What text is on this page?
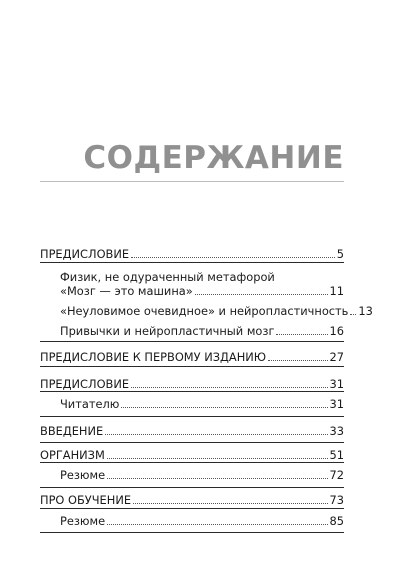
СОДЕРЖАНИЕ
ПРЕДИСЛОВИЕ	5
Физик, не одураченный метафорой
«Мозг — это машина»	11
«Неуловимое очевидное» и нейропластичность 13
Привычки и нейропластичный мозг	16
ПРЕДИСЛОВИЕ К ПЕРВОМУ ИЗДАНИЮ	27
ПРЕДИСЛОВИЕ	31
Читателю	31
ВВЕДЕНИЕ	33
ОРГАНИЗМ	51
Резюме	72
ПРО ОБУЧЕНИЕ	73
Резюме	85
